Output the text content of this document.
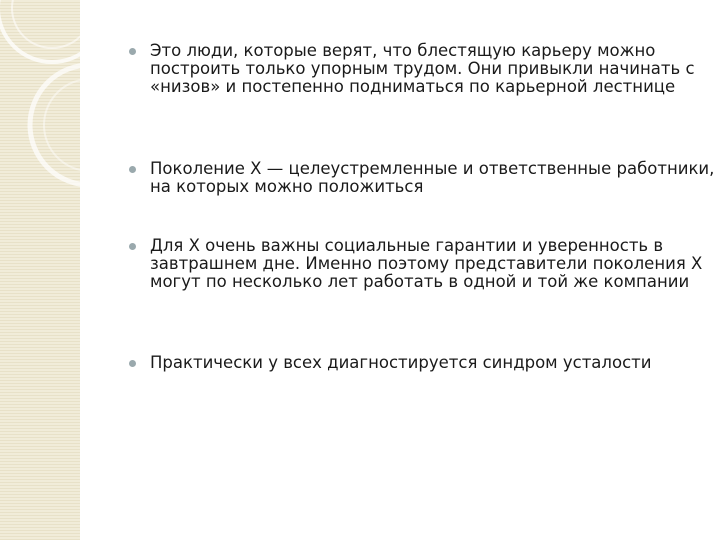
Это люди, которые верят, что блестящую карьеру можно построить только упорным трудом. Они привыкли начинать с «низов» и постепенно подниматься по карьерной лестнице
Поколение Х — целеустремленные и ответственные работники, на которых можно положиться
Для Х очень важны социальные гарантии и уверенность в завтрашнем дне. Именно поэтому представители поколения Х могут по несколько лет работать в одной и той же компании
Практически у всех диагностируется синдром усталости
